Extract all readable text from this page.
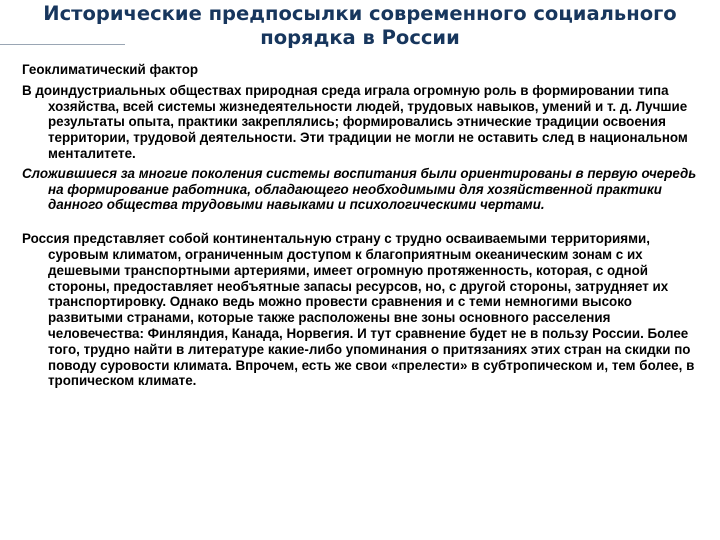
Исторические предпосылки современного социального порядка в России

Геоклиматический фактор

В доиндустриальных обществах природная среда играла огромную роль в формировании типа хозяйства, всей системы жизнедеятельности людей, трудовых навыков, умений и т. д. Лучшие результаты опыта, практики закреплялись; формировались этнические традиции освоения территории, трудовой деятельности. Эти традиции не могли не оставить след в национальном менталитете.

Сложившиеся за многие поколения системы воспитания были ориентированы в первую очередь на формирование работника, обладающего необходимыми для хозяйственной практики данного общества трудовыми навыками и психологическими чертами.

Россия представляет собой континентальную страну с трудно осваиваемыми территориями, суровым климатом, ограниченным доступом к благоприятным океаническим зонам с их дешевыми транспортными артериями, имеет огромную протяженность, которая, с одной стороны, предоставляет необъятные запасы ресурсов, но, с другой стороны, затрудняет их транспортировку. Однако ведь можно провести сравнения и с теми немногими высоко развитыми странами, которые также расположены вне зоны основного расселения человечества: Финляндия, Канада, Норвегия. И тут сравнение будет не в пользу России. Более того, трудно найти в литературе какие-либо упоминания о притязаниях этих стран на скидки по поводу суровости климата. Впрочем, есть же свои «прелести» в субтропическом и, тем более, в тропическом климате.
